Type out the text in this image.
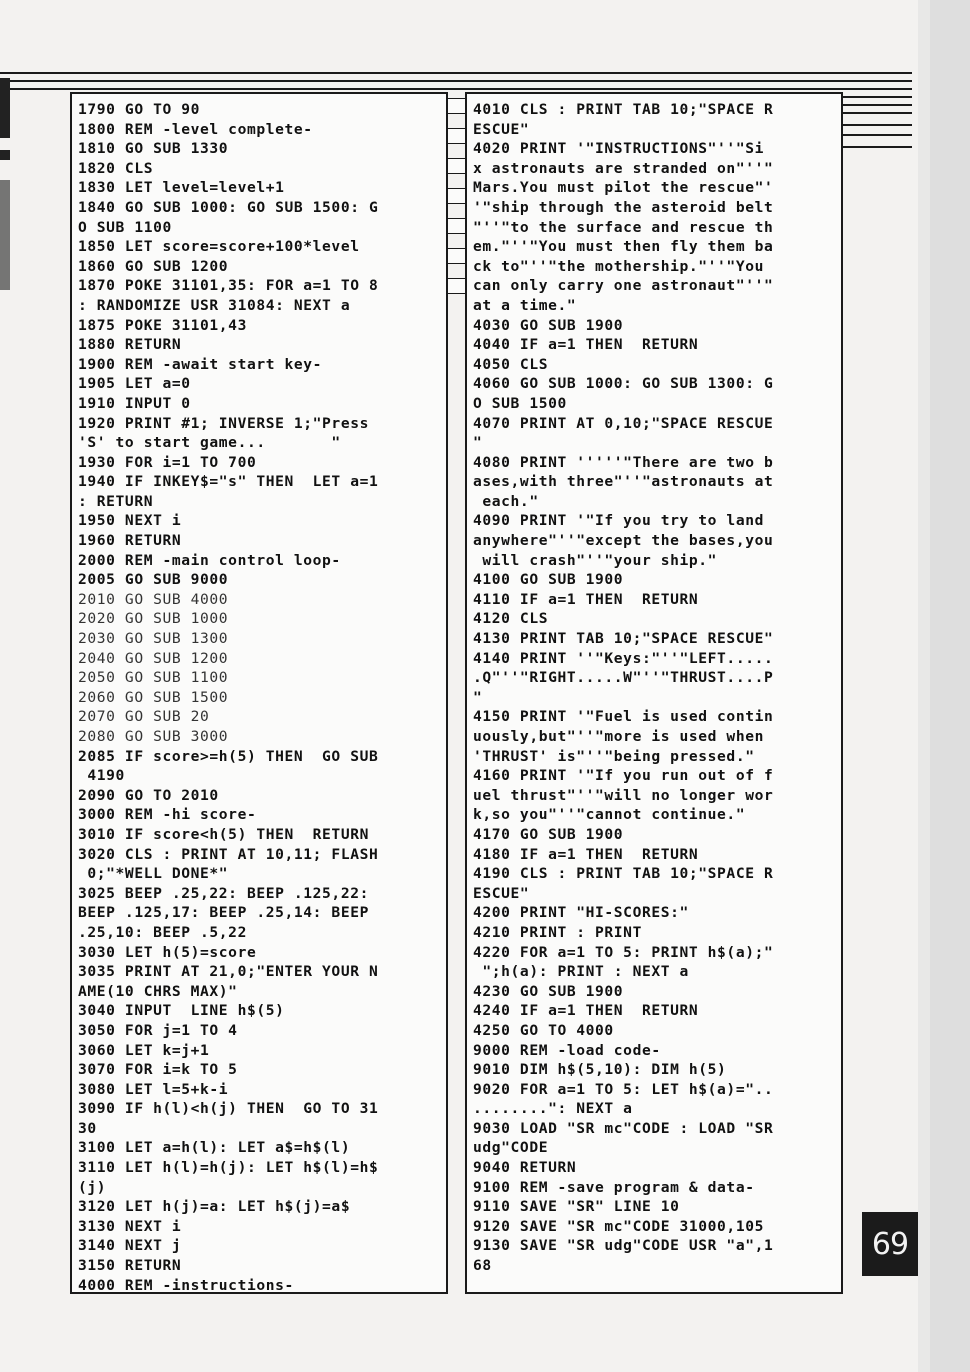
1790 GO TO 90
1800 REM -level complete-
1810 GO SUB 1330
1820 CLS
1830 LET level=level+1
1840 GO SUB 1000: GO SUB 1500: G
O SUB 1100
1850 LET score=score+100*level
1860 GO SUB 1200
1870 POKE 31101,35: FOR a=1 TO 8
: RANDOMIZE USR 31084: NEXT a
1875 POKE 31101,43
1880 RETURN
1900 REM -await start key-
1905 LET a=0
1910 INPUT 0
1920 PRINT #1; INVERSE 1;"Press
'S' to start game...       "
1930 FOR i=1 TO 700
1940 IF INKEY$="s" THEN  LET a=1
: RETURN
1950 NEXT i
1960 RETURN
2000 REM -main control loop-
2005 GO SUB 9000
2010 GO SUB 4000
2020 GO SUB 1000
2030 GO SUB 1300
2040 GO SUB 1200
2050 GO SUB 1100
2060 GO SUB 1500
2070 GO SUB 20
2080 GO SUB 3000
2085 IF score>=h(5) THEN  GO SUB
4190
2090 GO TO 2010
3000 REM -hi score-
3010 IF score<h(5) THEN  RETURN
3020 CLS : PRINT AT 10,11; FLASH
0;"*WELL DONE*"
3025 BEEP .25,22: BEEP .125,22:
BEEP .125,17: BEEP .25,14: BEEP
.25,10: BEEP .5,22
3030 LET h(5)=score
3035 PRINT AT 21,0;"ENTER YOUR N
AME(10 CHRS MAX)"
3040 INPUT  LINE h$(5)
3050 FOR j=1 TO 4
3060 LET k=j+1
3070 FOR i=k TO 5
3080 LET l=5+k-i
3090 IF h(l)<h(j) THEN  GO TO 31
30
3100 LET a=h(l): LET a$=h$(l)
3110 LET h(l)=h(j): LET h$(l)=h$
(j)
3120 LET h(j)=a: LET h$(j)=a$
3130 NEXT i
3140 NEXT j
3150 RETURN
4000 REM -instructions-
4010 CLS : PRINT TAB 10;"SPACE R
ESCUE"
4020 PRINT '"INSTRUCTIONS"''"Si
x astronauts are stranded on"''"
Mars.You must pilot the rescue"'
'"ship through the asteroid belt
"''"to the surface and rescue th
em."''"You must then fly them ba
ck to"''"the mothership."''"You
can only carry one astronaut"''"
at a time."
4030 GO SUB 1900
4040 IF a=1 THEN  RETURN
4050 CLS
4060 GO SUB 1000: GO SUB 1300: G
O SUB 1500
4070 PRINT AT 0,10;"SPACE RESCUE
"
4080 PRINT '''''"There are two b
ases,with three"''"astronauts at
each."
4090 PRINT '"If you try to land
anywhere"''"except the bases,you
will crash"''"your ship."
4100 GO SUB 1900
4110 IF a=1 THEN  RETURN
4120 CLS
4130 PRINT TAB 10;"SPACE RESCUE"
4140 PRINT ''"Keys:"''"LEFT.....
.Q"''"RIGHT.....W"''"THRUST....P
"
4150 PRINT '"Fuel is used contin
uously,but"''"more is used when
'THRUST' is"''"being pressed."
4160 PRINT '"If you run out of f
uel thrust"''"will no longer wor
k,so you"''"cannot continue."
4170 GO SUB 1900
4180 IF a=1 THEN  RETURN
4190 CLS : PRINT TAB 10;"SPACE R
ESCUE"
4200 PRINT "HI-SCORES:"
4210 PRINT : PRINT
4220 FOR a=1 TO 5: PRINT h$(a);"
";h(a): PRINT : NEXT a
4230 GO SUB 1900
4240 IF a=1 THEN  RETURN
4250 GO TO 4000
9000 REM -load code-
9010 DIM h$(5,10): DIM h(5)
9020 FOR a=1 TO 5: LET h$(a)="..
........": NEXT a
9030 LOAD "SR mc"CODE : LOAD "SR
udg"CODE
9040 RETURN
9100 REM -save program & data-
9110 SAVE "SR" LINE 10
9120 SAVE "SR mc"CODE 31000,105
9130 SAVE "SR udg"CODE USR "a",1
68
69
